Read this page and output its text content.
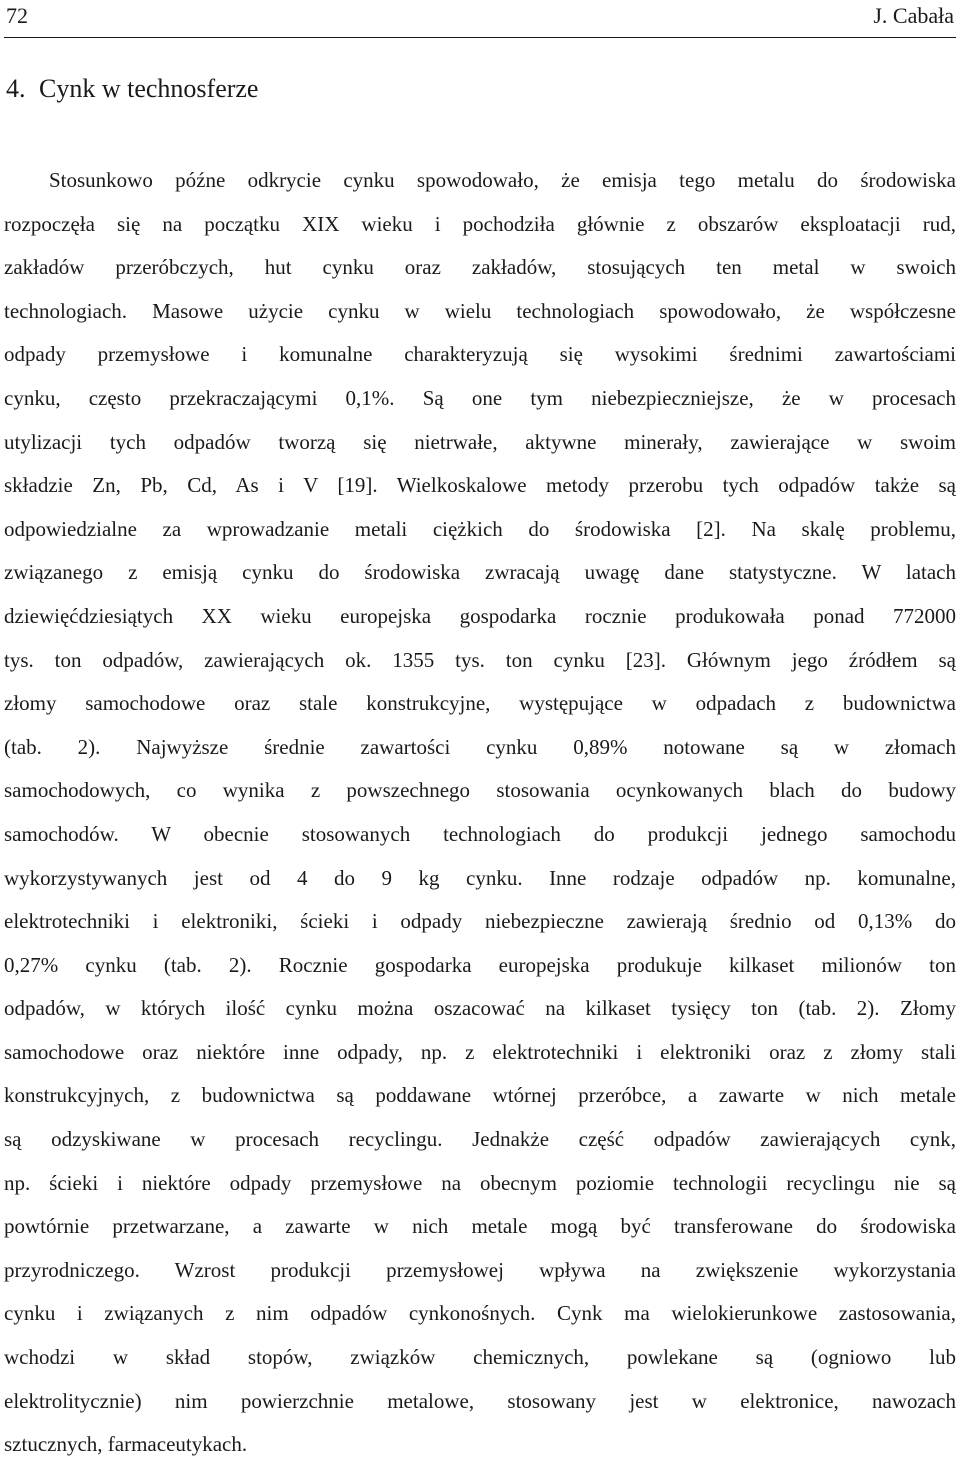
72	J. Cabała
4. Cynk w technosferze
Stosunkowo późne odkrycie cynku spowodowało, że emisja tego metalu do środowiska
rozpoczęła się na początku XIX wieku i pochodziła głównie z obszarów eksploatacji rud,
zakładów przeróbczych, hut cynku oraz zakładów, stosujących ten metal w swoich
technologiach. Masowe użycie cynku w wielu technologiach spowodowało, że współczesne
odpady przemysłowe i komunalne charakteryzują się wysokimi średnimi zawartościami
cynku, często przekraczającymi 0,1%. Są one tym niebezpieczniejsze, że w procesach
utylizacji tych odpadów tworzą się nietrwałe, aktywne minerały, zawierające w swoim
składzie Zn, Pb, Cd, As i V [19]. Wielkoskalowe metody przerobu tych odpadów także są
odpowiedzialne za wprowadzanie metali ciężkich do środowiska [2]. Na skalę problemu,
związanego z emisją cynku do środowiska zwracają uwagę dane statystyczne. W latach
dziewięćdziesiątych XX wieku europejska gospodarka rocznie produkowała ponad 772000
tys. ton odpadów, zawierających ok. 1355 tys. ton cynku [23]. Głównym jego źródłem są
złomy samochodowe oraz stale konstrukcyjne, występujące w odpadach z budownictwa
(tab. 2). Najwyższe średnie zawartości cynku 0,89% notowane są w złomach
samochodowych, co wynika z powszechnego stosowania ocynkowanych blach do budowy
samochodów. W obecnie stosowanych technologiach do produkcji jednego samochodu
wykorzystywanych jest od 4 do 9 kg cynku. Inne rodzaje odpadów np. komunalne,
elektrotechniki i elektroniki, ścieki i odpady niebezpieczne zawierają średnio od 0,13% do
0,27% cynku (tab. 2). Rocznie gospodarka europejska produkuje kilkaset milionów ton
odpadów, w których ilość cynku można oszacować na kilkaset tysięcy ton (tab. 2). Złomy
samochodowe oraz niektóre inne odpady, np. z elektrotechniki i elektroniki oraz z złomy stali
konstrukcyjnych, z budownictwa są poddawane wtórnej przeróbce, a zawarte w nich metale
są odzyskiwane w procesach recyclingu. Jednakże część odpadów zawierających cynk,
np. ścieki i niektóre odpady przemysłowe na obecnym poziomie technologii recyclingu nie są
powtórnie przetwarzane, a zawarte w nich metale mogą być transferowane do środowiska
przyrodniczego. Wzrost produkcji przemysłowej wpływa na zwiększenie wykorzystania
cynku i związanych z nim odpadów cynkonośnych. Cynk ma wielokierunkowe zastosowania,
wchodzi w skład stopów, związków chemicznych, powlekane są (ogniowo lub
elektrolitycznie) nim powierzchnie metalowe, stosowany jest w elektronice, nawozach
sztucznych, farmaceutykach.
